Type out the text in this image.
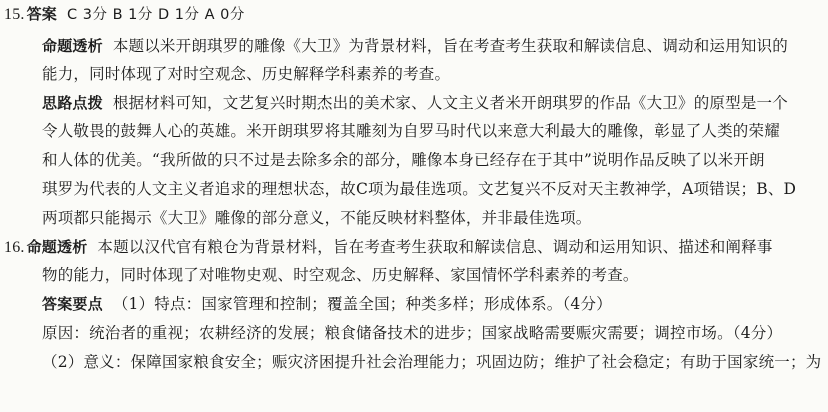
15. 答案 C 3分 B 1分 D 1分 A 0分
命题透析 本题以米开朗琪罗的雕像《大卫》为背景材料，旨在考查考生获取和解读信息、调动和运用知识的
能力，同时体现了对时空观念、历史解释学科素养的考查。
思路点拨 根据材料可知，文艺复兴时期杰出的美术家、人文主义者米开朗琪罗的作品《大卫》的原型是一个
令人敬畏的鼓舞人心的英雄。米开朗琪罗将其雕刻为自罗马时代以来意大利最大的雕像，彰显了人类的荣耀
和人体的优美。“我所做的只不过是去除多余的部分，雕像本身已经存在于其中”说明作品反映了以米开朗
琪罗为代表的人文主义者追求的理想状态，故C项为最佳选项。文艺复兴不反对天主教神学，A项错误；B、D
两项都只能揭示《大卫》雕像的部分意义，不能反映材料整体，并非最佳选项。
16. 命题透析 本题以汉代官有粮仓为背景材料，旨在考查考生获取和解读信息、调动和运用知识、描述和阐释事
物的能力，同时体现了对唯物史观、时空观念、历史解释、家国情怀学科素养的考查。
答案要点 （1）特点：国家管理和控制；覆盖全国；种类多样；形成体系。（4分）
原因：统治者的重视；农耕经济的发展；粮食储备技术的进步；国家战略需要赈灾需要；调控市场。（4分）
（2）意义：保障国家粮食安全；赈灾济困提升社会治理能力；巩固边防；维护了社会稳定；有助于国家统一；为
